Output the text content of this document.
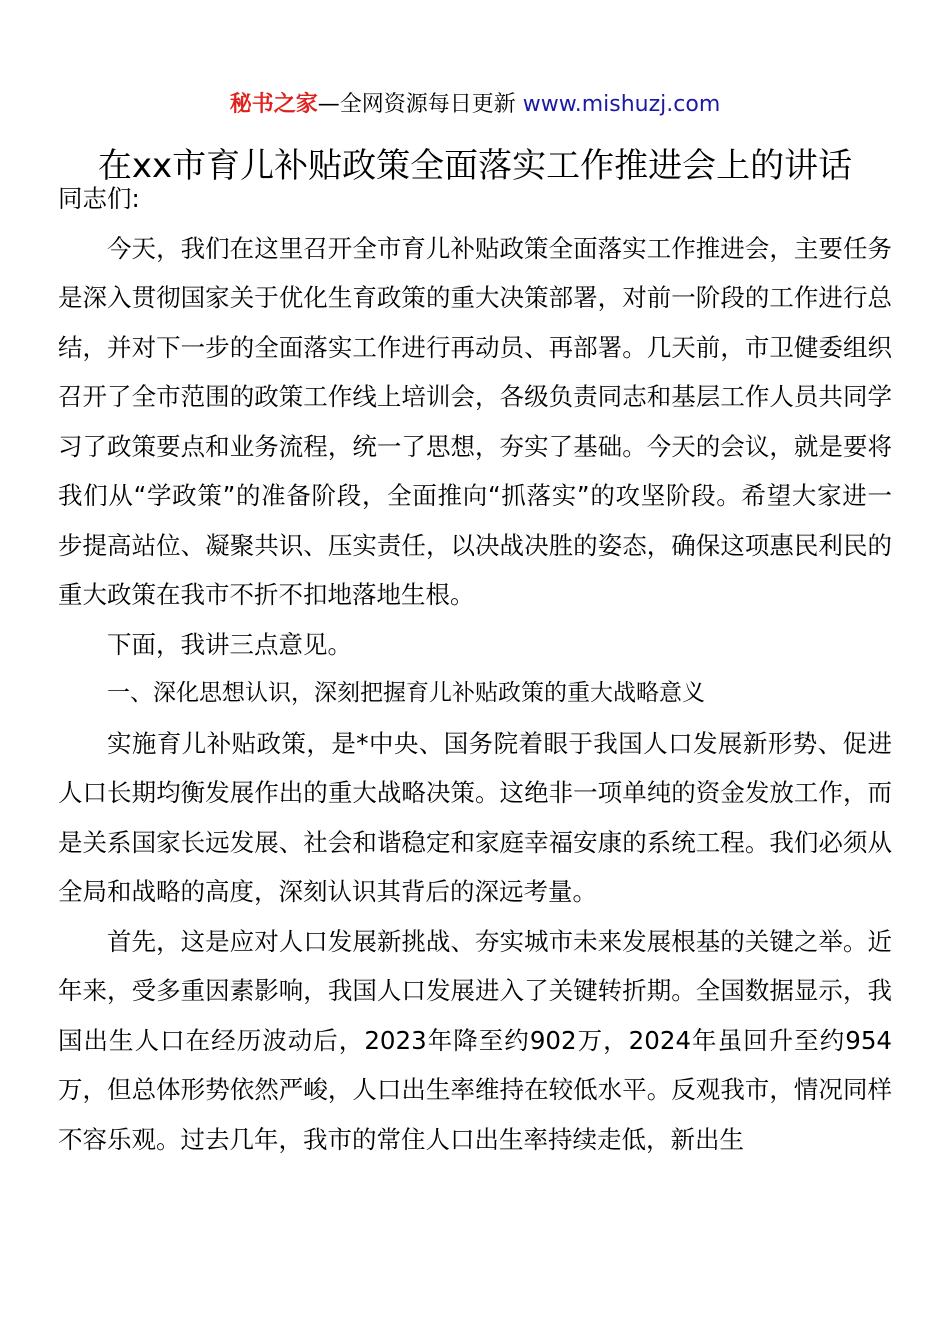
秘书之家—全网资源每日更新 www.mishuzj.com
在xx市育儿补贴政策全面落实工作推进会上的讲话

同志们:

今天，我们在这里召开全市育儿补贴政策全面落实工作推进会，主要任务是深入贯彻国家关于优化生育政策的重大决策部署，对前一阶段的工作进行总结，并对下一步的全面落实工作进行再动员、再部署。几天前，市卫健委组织召开了全市范围的政策工作线上培训会，各级负责同志和基层工作人员共同学习了政策要点和业务流程，统一了思想，夯实了基础。今天的会议，就是要将我们从“学政策”的准备阶段，全面推向“抓落实”的攻坚阶段。希望大家进一步提高站位、凝聚共识、压实责任，以决战决胜的姿态，确保这项惠民利民的重大政策在我市不折不扣地落地生根。

下面，我讲三点意见。

一、深化思想认识，深刻把握育儿补贴政策的重大战略意义

实施育儿补贴政策，是*中央、国务院着眼于我国人口发展新形势、促进人口长期均衡发展作出的重大战略决策。这绝非一项单纯的资金发放工作，而是关系国家长远发展、社会和谐稳定和家庭幸福安康的系统工程。我们必须从全局和战略的高度，深刻认识其背后的深远考量。

首先，这是应对人口发展新挑战、夯实城市未来发展根基的关键之举。近年来，受多重因素影响，我国人口发展进入了关键转折期。全国数据显示，我国出生人口在经历波动后，2023年降至约902万，2024年虽回升至约954万，但总体形势依然严峻，人口出生率维持在较低水平。反观我市，情况同样不容乐观。过去几年，我市的常住人口出生率持续走低，新出生
